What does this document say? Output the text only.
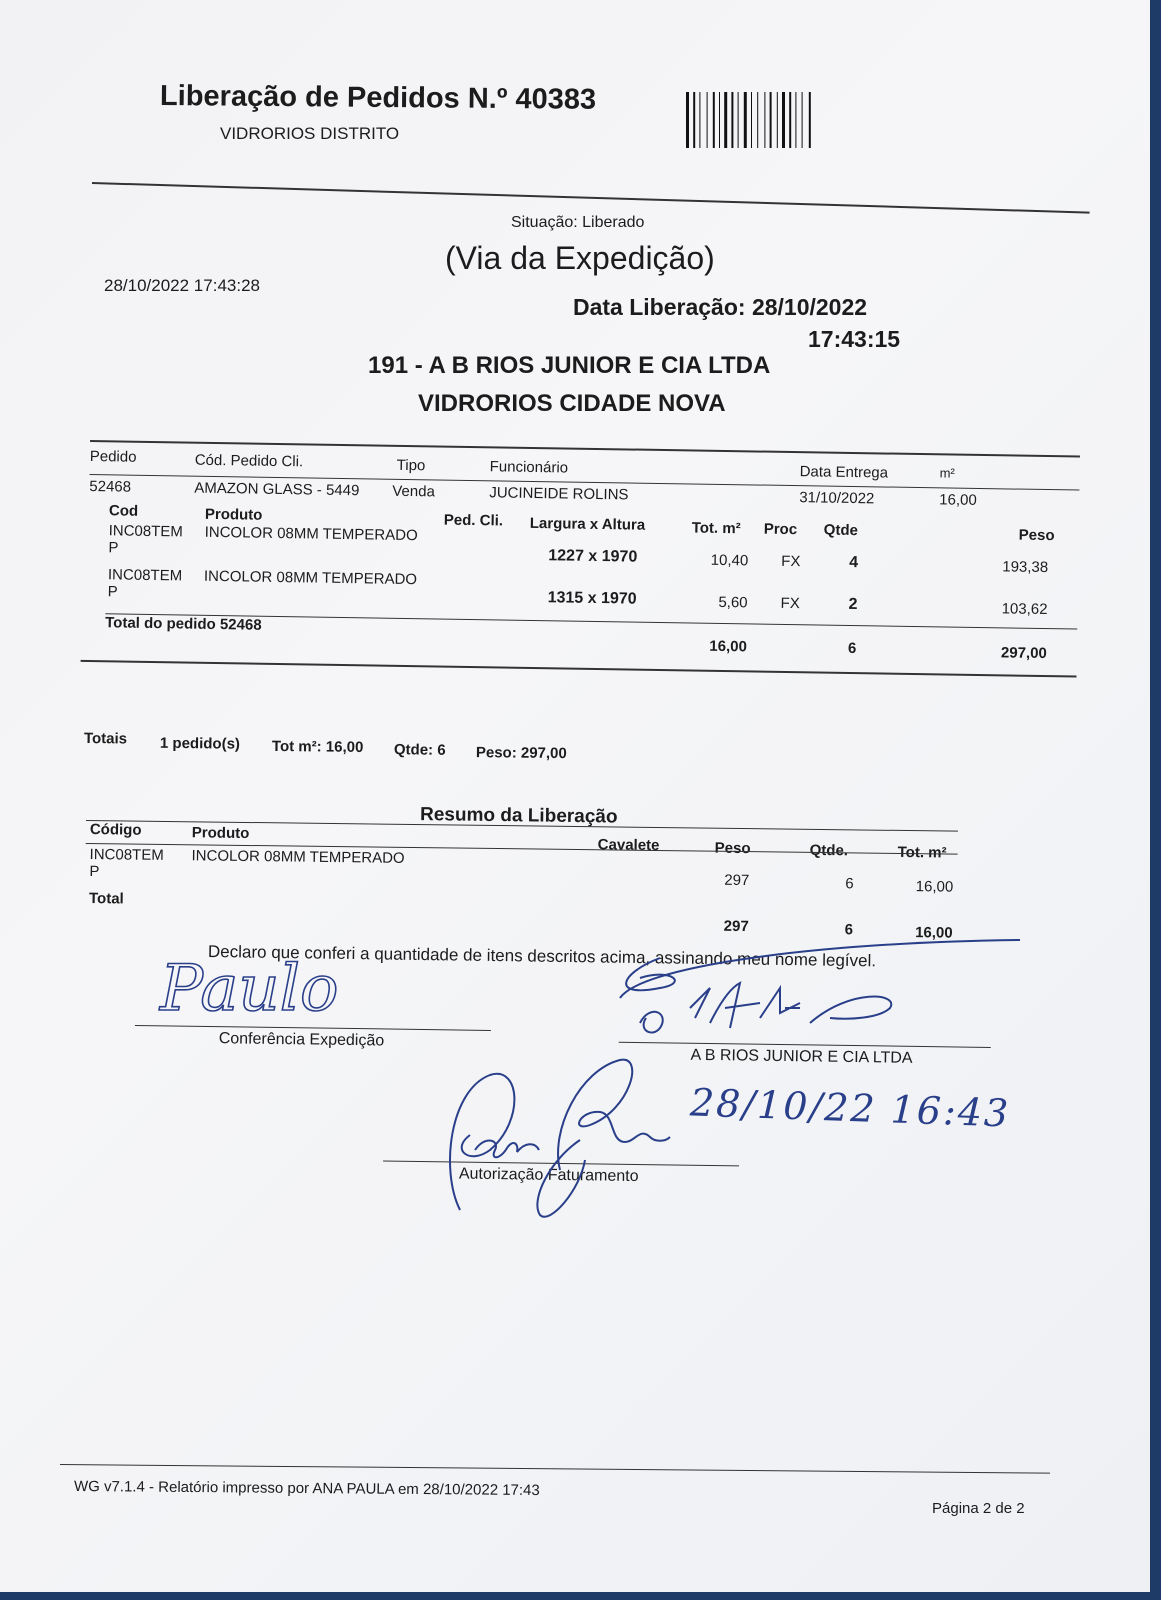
Liberação de Pedidos N.º 40383
VIDRORIOS DISTRITO
Situação: Liberado
(Via da Expedição)
28/10/2022 17:43:28
Data Liberação: 28/10/2022
17:43:15
191 - A B RIOS JUNIOR E CIA LTDA
VIDRORIOS CIDADE NOVA
Pedido	Cód. Pedido Cli.	Tipo	Funcionário	Data Entrega	m²
52468	AMAZON GLASS - 5449 Venda	JUCINEIDE ROLINS	31/10/2022	16,00
Cod	Produto	Ped. Cli. Largura x Altura	Tot. m² Proc Qtde	Peso
INC08TEM
P
INCOLOR 08MM TEMPERADO
1227 x 1970	10,40 FX	4	193,38
INC08TEM
P
INCOLOR 08MM TEMPERADO
1315 x 1970	5,60 FX	2	103,62
Total do pedido 52468
16,00	6	297,00
Totais 1 pedido(s) Tot m²: 16,00 Qtde: 6 Peso: 297,00
Resumo da Liberação
Código	Produto
Cavalete	Peso	Qtde.	Tot. m²
INC08TEM
P
INCOLOR 08MM TEMPERADO
297	6	16,00
Total
297	6	16,00
Declaro que conferi a quantidade de itens descritos acima, assinando meu nome legível.
Conferência Expedição
A B RIOS JUNIOR E CIA LTDA
Autorização Faturamento
Paulo
28/10/22 16:43
WG v7.1.4 - Relatório impresso por ANA PAULA em 28/10/2022 17:43
Página 2 de 2
